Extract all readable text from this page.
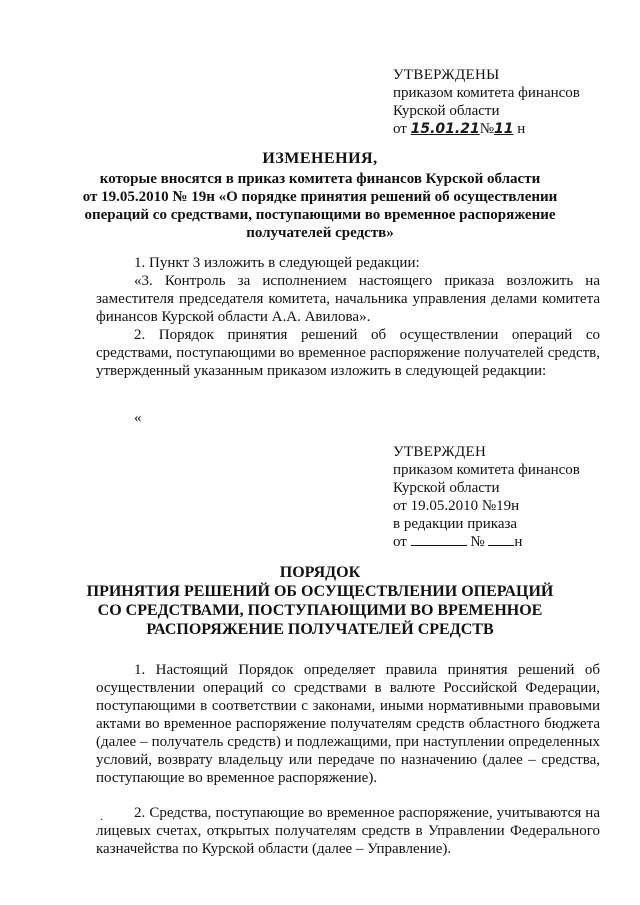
УТВЕРЖДЕНЫ
приказом комитета финансов
Курской области
от 15.01.21№11 н
ИЗМЕНЕНИЯ,
которые вносятся в приказ комитета финансов Курской области
от 19.05.2010 № 19н «О порядке принятия решений об осуществлении
операций со средствами, поступающими во временное распоряжение
получателей средств»

1. Пункт 3 изложить в следующей редакции:

«3. Контроль за исполнением настоящего приказа возложить на заместителя председателя комитета, начальника управления делами комитета финансов Курской области А.А. Авилова».

2. Порядок принятия решений об осуществлении операций со средствами, поступающими во временное распоряжение получателей средств, утвержденный указанным приказом изложить в следующей редакции:

«
УТВЕРЖДЕН
приказом комитета финансов
Курской области
от 19.05.2010 №19н
в редакции приказа
от	№ н
ПОРЯДОК
ПРИНЯТИЯ РЕШЕНИЙ ОБ ОСУЩЕСТВЛЕНИИ ОПЕРАЦИЙ
СО СРЕДСТВАМИ, ПОСТУПАЮЩИМИ ВО ВРЕМЕННОЕ
РАСПОРЯЖЕНИЕ ПОЛУЧАТЕЛЕЙ СРЕДСТВ

1. Настоящий Порядок определяет правила принятия решений об осуществлении операций со средствами в валюте Российской Федерации, поступающими в соответствии с законами, иными нормативными правовыми актами во временное распоряжение получателям средств областного бюджета (далее – получатель средств) и подлежащими, при наступлении определенных условий, возврату владельцу или передаче по назначению (далее – средства, поступающие во временное распоряжение).

.	2. Средства, поступающие во временное распоряжение, учитываются на лицевых счетах, открытых получателям средств в Управлении Федерального казначейства по Курской области (далее – Управление).
